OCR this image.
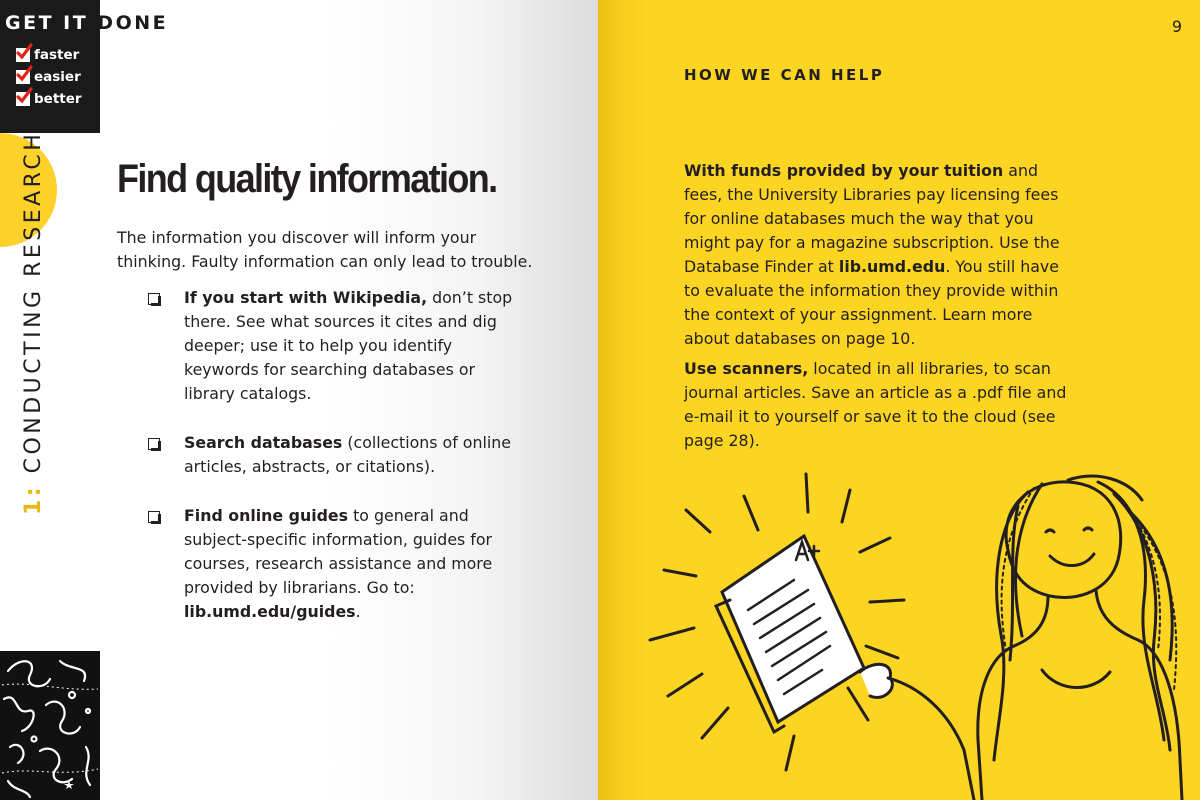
GET IT DONE
faster
easier
better
1: CONDUCTING RESEARCH Find quality information.

The information you discover will inform your thinking. Faulty information can only lead to trouble.

If you start with Wikipedia, don’t stop there. See what sources it cites and dig deeper; use it to help you identify keywords for searching databases or library catalogs.
Search databases (collections of online articles, abstracts, or citations).
Find online guides to general and subject-specific information, guides for courses, research assistance and more provided by librarians. Go to: lib.umd.edu/guides.
9
HOW WE CAN HELP

With funds provided by your tuition and fees, the University Libraries pay licensing fees for online databases much the way that you might pay for a magazine subscription. Use the Database Finder at lib.umd.edu. You still have to evaluate the information they provide within the context of your assignment. Learn more about databases on page 10.

Use scanners, located in all libraries, to scan journal articles. Save an article as a .pdf file and e-mail it to yourself or save it to the cloud (see page 28).
